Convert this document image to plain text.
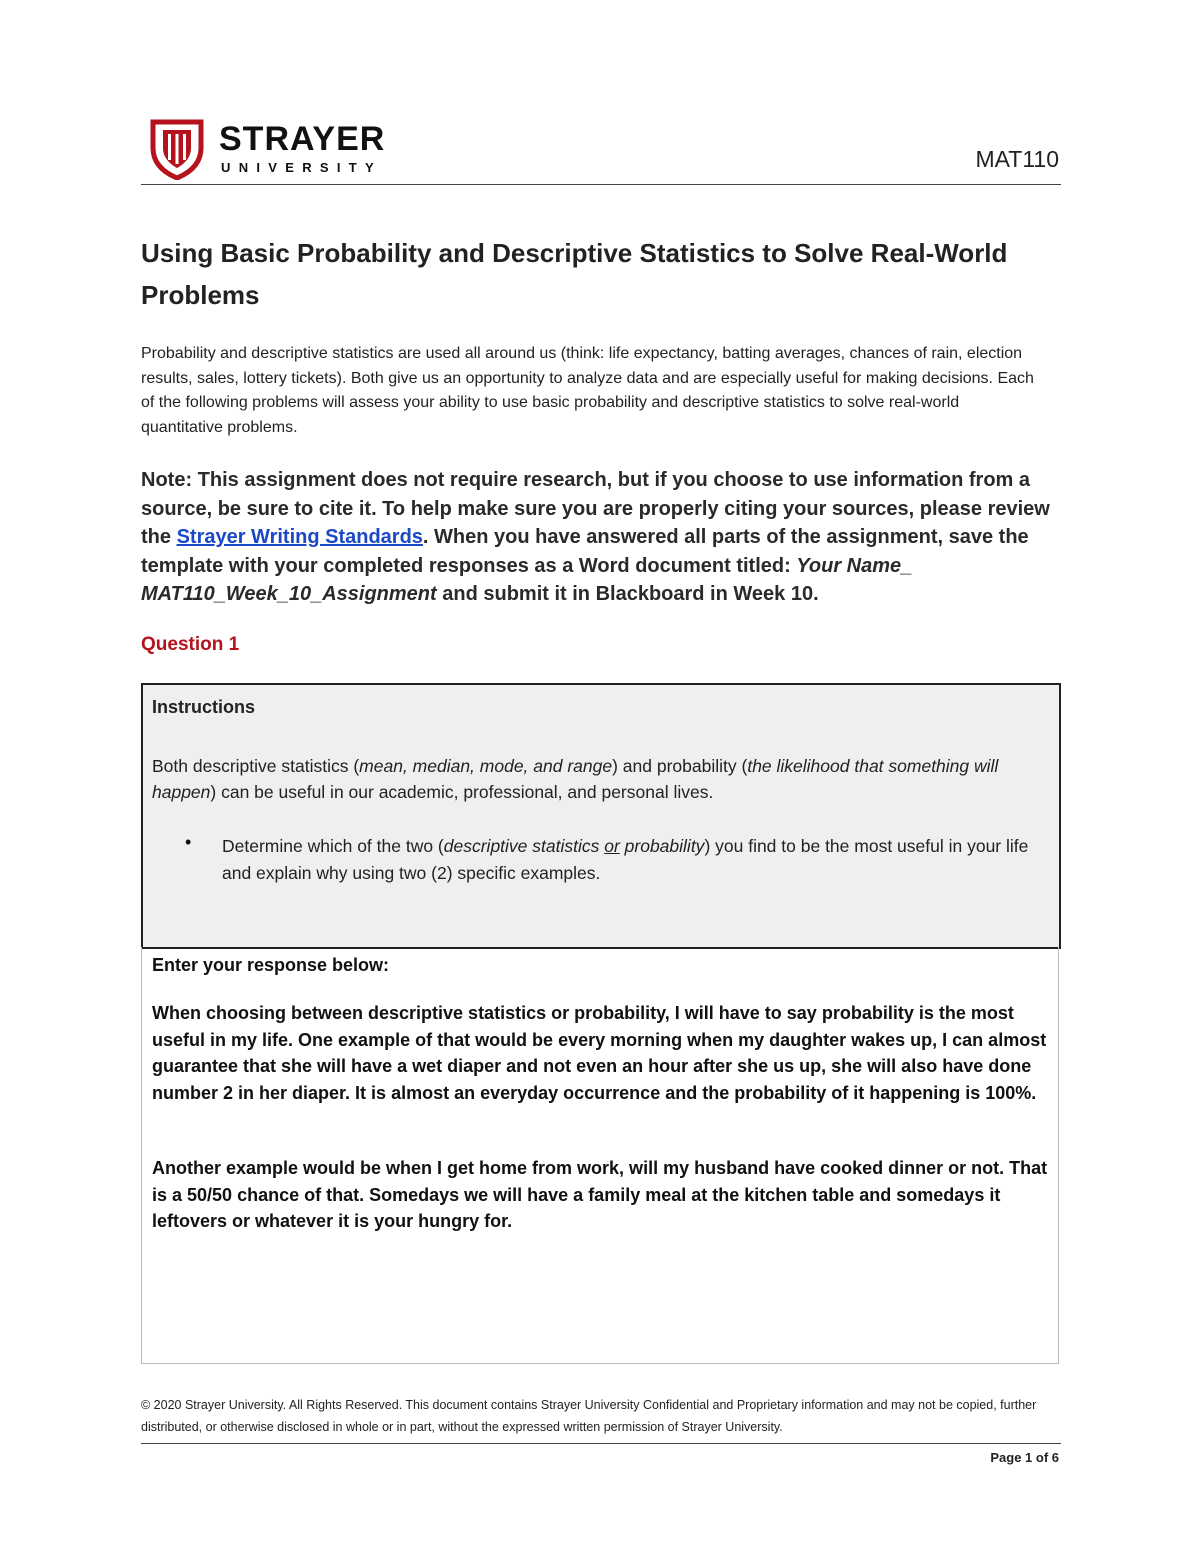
STRAYER
UNIVERSITY	MAT110
Using Basic Probability and Descriptive Statistics to Solve Real-World Problems

Probability and descriptive statistics are used all around us (think: life expectancy, batting averages, chances of rain, election results, sales, lottery tickets). Both give us an opportunity to analyze data and are especially useful for making decisions. Each of the following problems will assess your ability to use basic probability and descriptive statistics to solve real-world quantitative problems.

Note: This assignment does not require research, but if you choose to use information from a source, be sure to cite it. To help make sure you are properly citing your sources, please review the Strayer Writing Standards. When you have answered all parts of the assignment, save the template with your completed responses as a Word document titled: Your Name_ MAT110_Week_10_Assignment and submit it in Blackboard in Week 10.

Question 1
Instructions

Both descriptive statistics (mean, median, mode, and range) and probability (the likelihood that something will happen) can be useful in our academic, professional, and personal lives.

• Determine which of the two (descriptive statistics or probability) you find to be the most useful in your life and explain why using two (2) specific examples.

Enter your response below:

When choosing between descriptive statistics or probability, I will have to say probability is the most useful in my life. One example of that would be every morning when my daughter wakes up, I can almost guarantee that she will have a wet diaper and not even an hour after she us up, she will also have done number 2 in her diaper. It is almost an everyday occurrence and the probability of it happening is 100%.

Another example would be when I get home from work, will my husband have cooked dinner or not. That is a 50/50 chance of that. Somedays we will have a family meal at the kitchen table and somedays it leftovers or whatever it is your hungry for.

© 2020 Strayer University. All Rights Reserved. This document contains Strayer University Confidential and Proprietary information and may not be copied, further distributed, or otherwise disclosed in whole or in part, without the expressed written permission of Strayer University.

Page 1 of 6
